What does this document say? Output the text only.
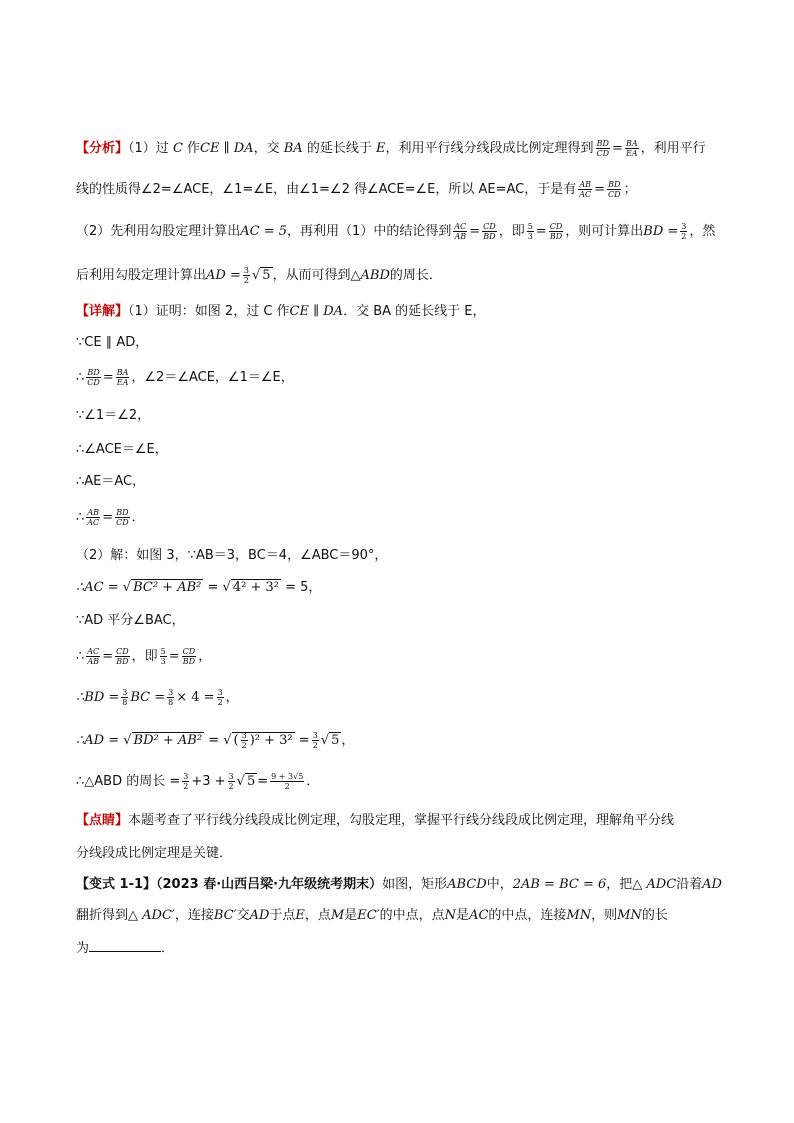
【分析】（1）过 C 作CE ∥ DA，交 BA 的延长线于 E，利用平行线分线段成比例定理得到 $\frac{BD}{CD} = \frac{BA}{EA}$ ，利用平行
线的性质得∠2=∠ACE，∠1=∠E，由∠1=∠2 得∠ACE=∠E，所以 AE=AC，于是有 $\frac{AB}{AC} = \frac{BD}{CD}$ ；
（2）先利用勾股定理计算出AC = 5，再利用（1）中的结论得到 $\frac{AC}{AB} = \frac{CD}{BD}$ ，即 $\frac{5}{3} = \frac{CD}{BD}$ ，则可计算出BD = $\frac{3}{2}$ ，然
后利用勾股定理计算出AD = $\frac{3}{2}$ √ 5 ，从而可得到△ABD的周长．
【详解】（1）证明：如图 2，过 C 作CE ∥ DA．交 BA 的延长线于 E，
∵CE ∥ AD，
∴ $\frac{BD}{CD} = \frac{BA}{EA}$ ，∠2＝∠ACE，∠1＝∠E，
∵∠1＝∠2，
∴∠ACE＝∠E，
∴AE＝AC，
∴ $\frac{AB}{AC} = \frac{BD}{CD}$ ．
（2）解：如图 3，∵AB＝3，BC＝4，∠ABC＝90°，
∴AC = √ BC² + AB² = √ 4² + 3² = 5，
∵AD 平分∠BAC，
∴ $\frac{AC}{AB} = \frac{CD}{BD}$ ，即 $\frac{5}{3} = \frac{CD}{BD}$ ，
∴BD = $\frac{3}{8}$ BC = $\frac{3}{8} \times 4 = \frac{3}{2}$ ，
∴AD = √ BD² + AB² = √ ( $\frac{3}{2} )^2 + 3^2 = \frac{3}{2}$ √ 5 ，
∴△ABD 的周长 = $\frac{3}{2} +3 + \frac{3}{2}$ √ $5 = \frac{9 + 3√5}{2}$ ．
【点睛】本题考查了平行线分线段成比例定理，勾股定理，掌握平行线分线段成比例定理，理解角平分线
分线段成比例定理是关键．
【变式 1-1】（2023 春·山西吕梁·九年级统考期末）如图，矩形ABCD中，2AB = BC = 6，把△ ADC沿着AD
翻折得到△ ADC′，连接BC′交AD于点E，点M是EC′的中点，点N是AC的中点，连接MN，则MN的长
为	．
